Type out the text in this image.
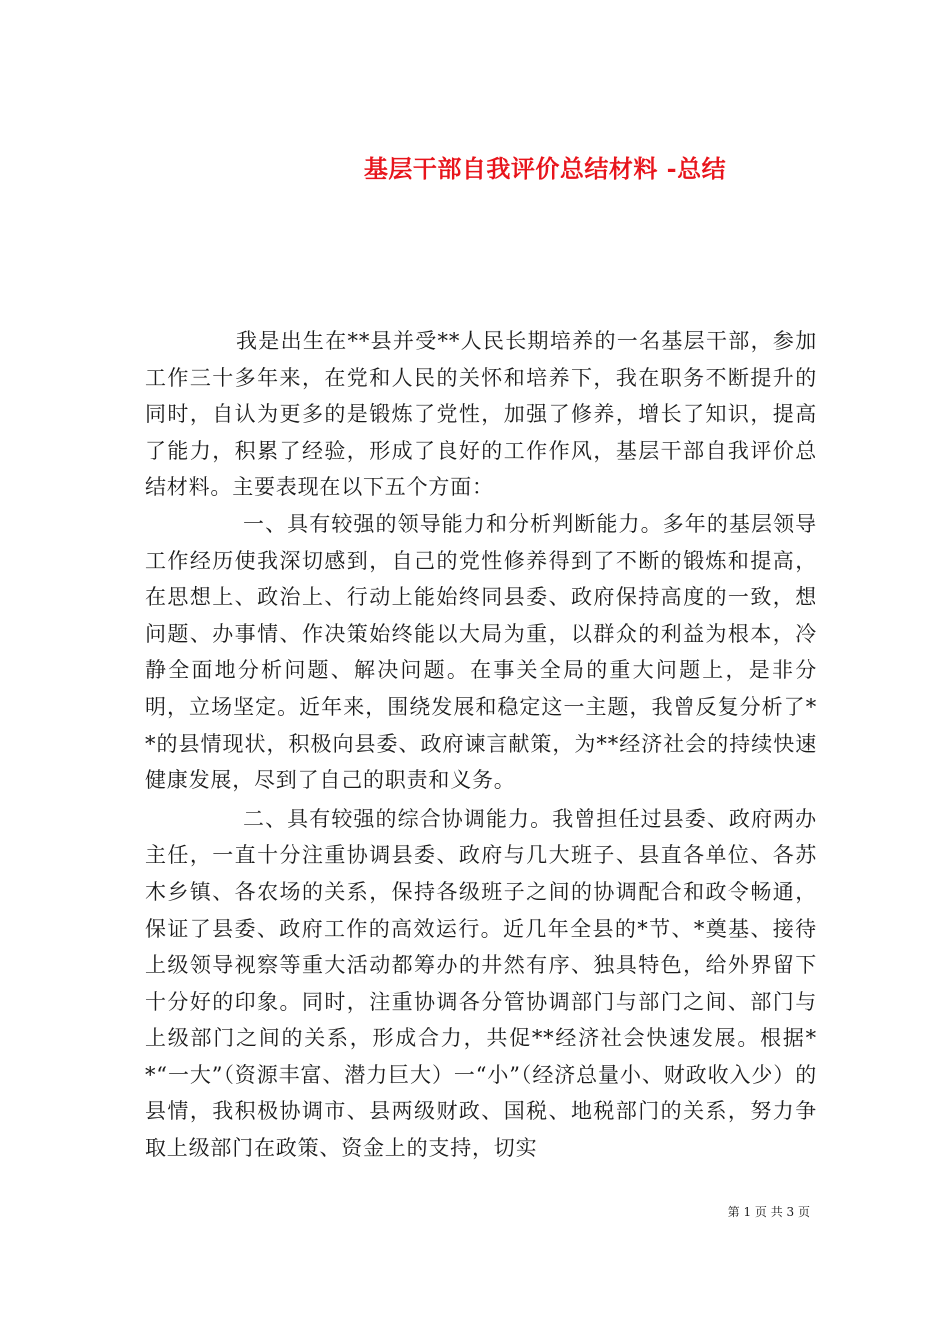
基层干部自我评价总结材料 -总结

我是出生在**县并受**人民长期培养的一名基层干部，参加工作三十多年来，在党和人民的关怀和培养下，我在职务不断提升的同时，自认为更多的是锻炼了党性，加强了修养，增长了知识，提高了能力，积累了经验，形成了良好的工作作风，基层干部自我评价总结材料。主要表现在以下五个方面：

一、具有较强的领导能力和分析判断能力。多年的基层领导工作经历使我深切感到，自己的党性修养得到了不断的锻炼和提高，在思想上、政治上、行动上能始终同县委、政府保持高度的一致，想问题、办事情、作决策始终能以大局为重，以群众的利益为根本，冷静全面地分析问题、解决问题。在事关全局的重大问题上，是非分明，立场坚定。近年来，围绕发展和稳定这一主题，我曾反复分析了**的县情现状，积极向县委、政府谏言献策，为**经济社会的持续快速健康发展，尽到了自己的职责和义务。

二、具有较强的综合协调能力。我曾担任过县委、政府两办主任，一直十分注重协调县委、政府与几大班子、县直各单位、各苏木乡镇、各农场的关系，保持各级班子之间的协调配合和政令畅通，保证了县委、政府工作的高效运行。近几年全县的*节、*奠基、接待上级领导视察等重大活动都筹办的井然有序、独具特色，给外界留下十分好的印象。同时，注重协调各分管协调部门与部门之间、部门与上级部门之间的关系，形成合力，共促**经济社会快速发展。根据**“一大”（资源丰富、潜力巨大）一“小”（经济总量小、财政收入少）的县情，我积极协调市、县两级财政、国税、地税部门的关系，努力争取上级部门在政策、资金上的支持，切实

第 1 页 共 3 页
